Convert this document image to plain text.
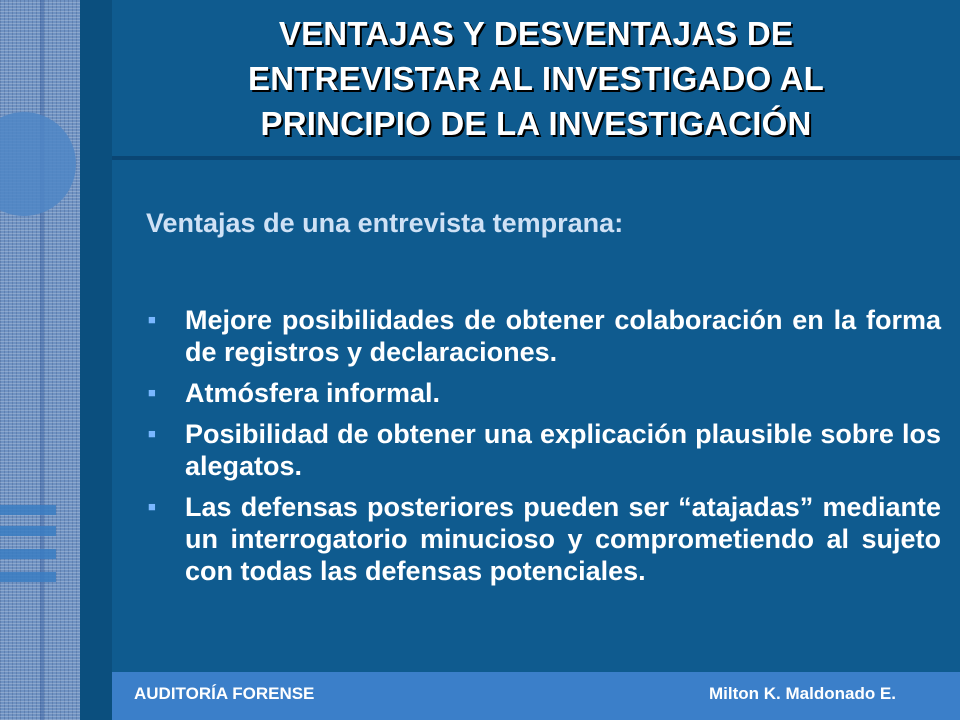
VENTAJAS Y DESVENTAJAS DE
ENTREVISTAR AL INVESTIGADO AL
PRINCIPIO DE LA INVESTIGACIÓN

Ventajas de una entrevista temprana:

■	Mejore posibilidades de obtener colaboración en la forma de registros y declaraciones.
■	Atmósfera informal.
■	Posibilidad de obtener una explicación plausible sobre los alegatos.
■	Las defensas posteriores pueden ser “atajadas” mediante un interrogatorio minucioso y comprometiendo al sujeto con todas las defensas potenciales.
AUDITORÍA FORENSE	Milton K. Maldonado E.
